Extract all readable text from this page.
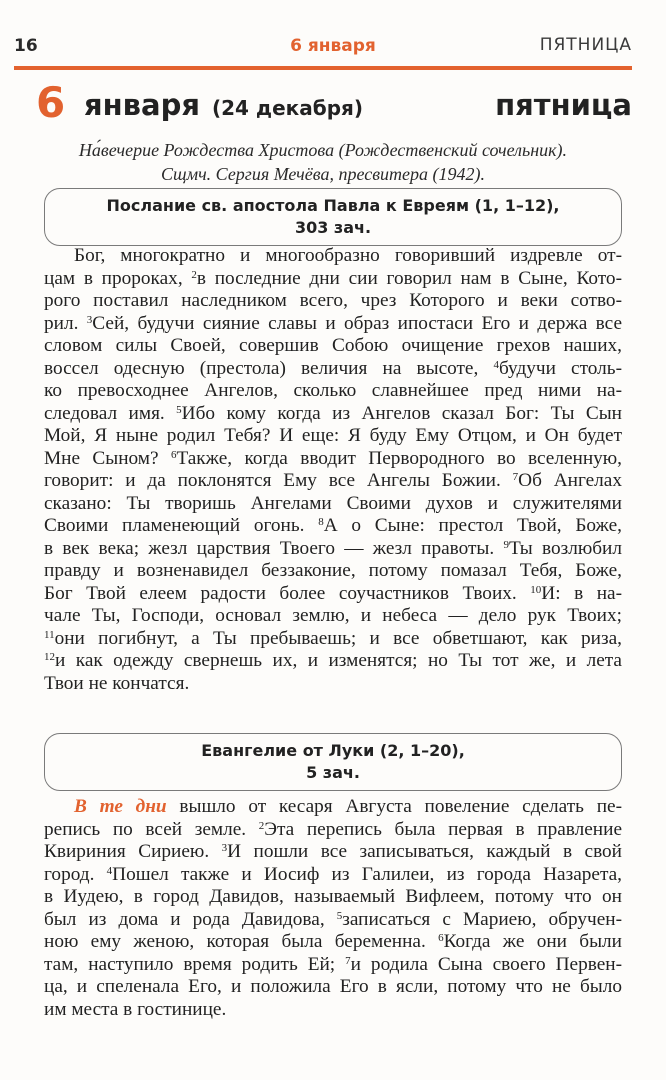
16	6 января	ПЯТНИЦА
6 января (24 декабря)	пятница
На́вечерие Рождества Христова (Рождественский сочельник).
Сщмч. Сергия Мечёва, пресвитера (1942).
Послание св. апостола Павла к Евреям (1, 1–12),
303 зач.
Бог, многократно и многообразно говоривший издревле от-
цам в пророках, $^2$в последние дни сии говорил нам в Сыне, Кото-
рого поставил наследником всего, чрез Которого и веки сотво-
рил. $^3$Сей, будучи сияние славы и образ ипостаси Его и держа все
словом силы Своей, совершив Собою очищение грехов наших,
воссел одесную (престола) величия на высоте, $^4$будучи столь-
ко превосходнее Ангелов, сколько славнейшее пред ними на-
следовал имя. $^5$Ибо кому когда из Ангелов сказал Бог: Ты Сын
Мой, Я ныне родил Тебя? И еще: Я буду Ему Отцом, и Он будет
Мне Сыном? $^6$Также, когда вводит Первородного во вселенную,
говорит: и да поклонятся Ему все Ангелы Божии. $^7$Об Ангелах
сказано: Ты творишь Ангелами Своими духов и служителями
Своими пламенеющий огонь. $^8$А о Сыне: престол Твой, Боже,
в век века; жезл царствия Твоего — жезл правоты. $^9$Ты возлюбил
правду и возненавидел беззаконие, потому помазал Тебя, Боже,
Бог Твой елеем радости более соучастников Твоих. $^{10}$И: в на-
чале Ты, Господи, основал землю, и небеса — дело рук Твоих;
$^{11}$они погибнут, а Ты пребываешь; и все обветшают, как риза,
$^{12}$и как одежду свернешь их, и изменятся; но Ты тот же, и лета
Твои не кончатся.
Евангелие от Луки (2, 1–20),
5 зач.
В те дни вышло от кесаря Августа повеление сделать пе-
репись по всей земле. $^2$Эта перепись была первая в правление
Квириния Сириею. $^3$И пошли все записываться, каждый в свой
город. $^4$Пошел также и Иосиф из Галилеи, из города Назарета,
в Иудею, в город Давидов, называемый Вифлеем, потому что он
был из дома и рода Давидова, $^5$записаться с Мариею, обручен-
ною ему женою, которая была беременна. $^6$Когда же они были
там, наступило время родить Ей; $^7$и родила Сына своего Первен-
ца, и спеленала Его, и положила Его в ясли, потому что не было
им места в гостинице.
